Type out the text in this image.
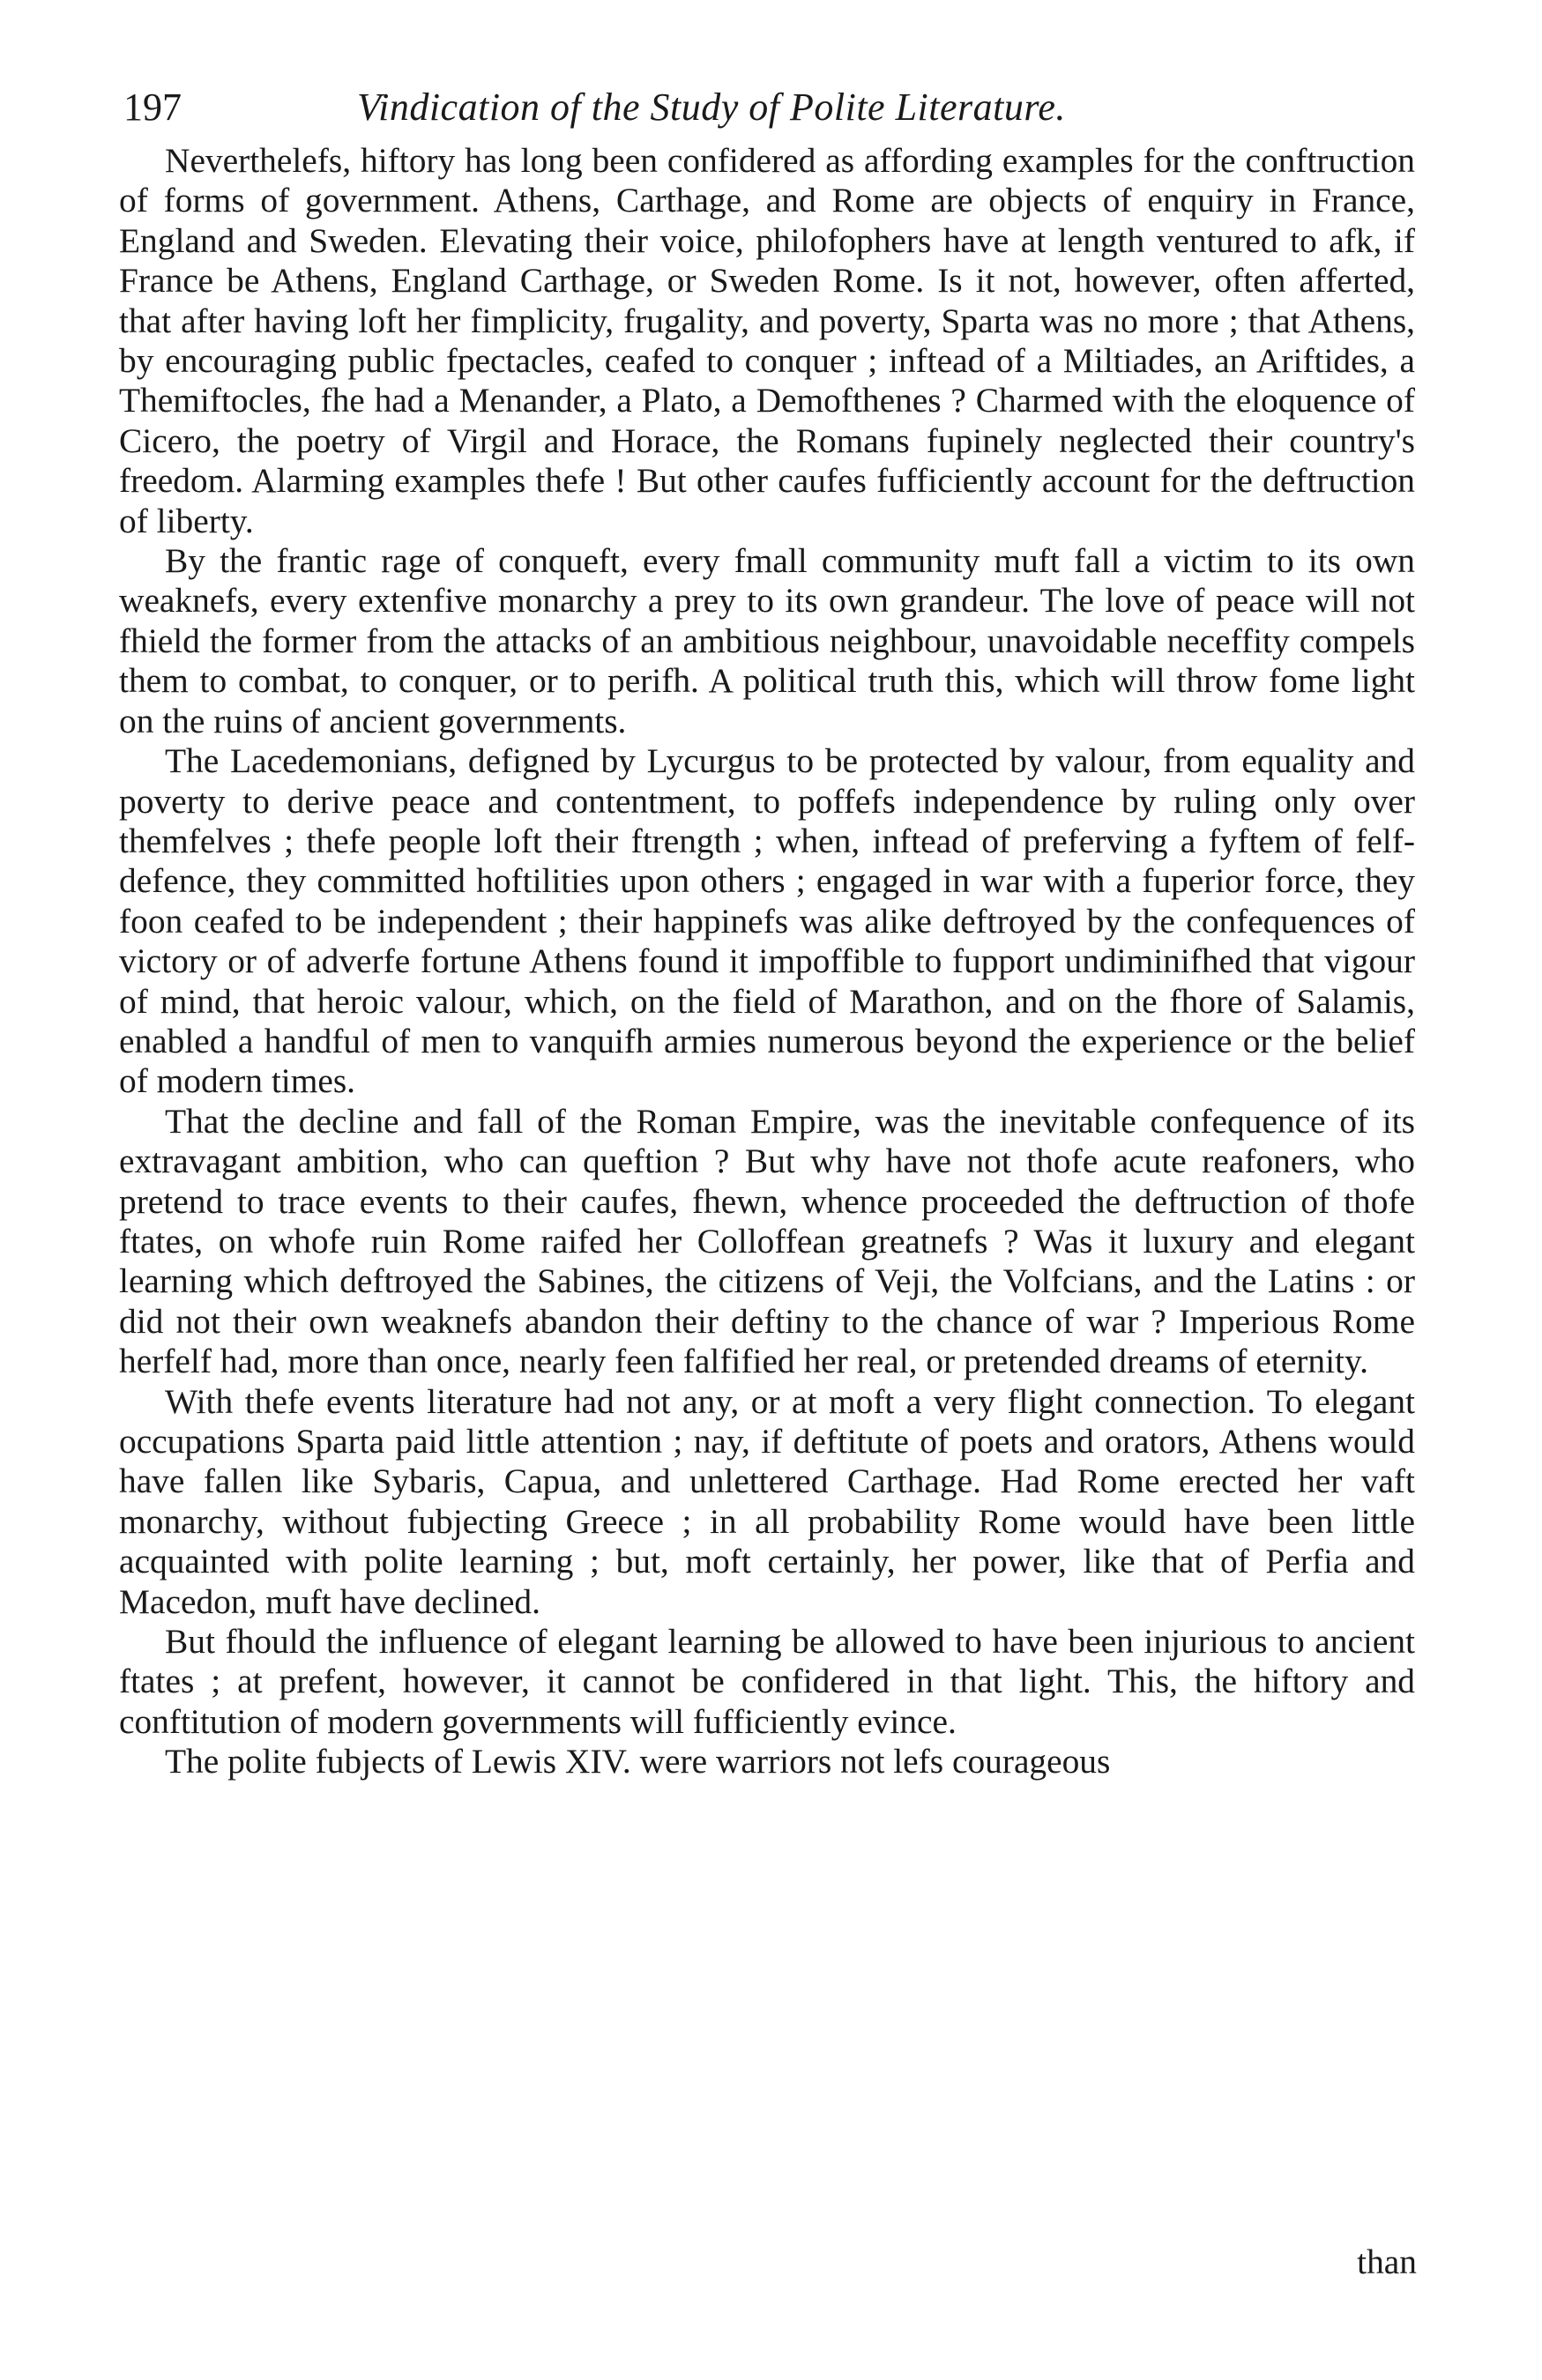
197	Vindication of the Study of Polite Literature.

Neverthelefs, hiftory has long been confidered as affording examples for the conftruction of forms of government. Athens, Carthage, and Rome are objects of enquiry in France, England and Sweden. Elevating their voice, philofophers have at length ventured to afk, if France be Athens, England Carthage, or Sweden Rome. Is it not, however, often afferted, that after having loft her fimplicity, frugality, and poverty, Sparta was no more ; that Athens, by encouraging public fpectacles, ceafed to conquer ; inftead of a Miltiades, an Ariftides, a Themiftocles, fhe had a Menander, a Plato, a Demofthenes ? Charmed with the eloquence of Cicero, the poetry of Virgil and Horace, the Romans fupinely neglected their country's freedom. Alarming examples thefe ! But other caufes fufficiently account for the deftruction of liberty.

By the frantic rage of conqueft, every fmall community muft fall a victim to its own weaknefs, every extenfive monarchy a prey to its own grandeur. The love of peace will not fhield the former from the attacks of an ambitious neighbour, unavoidable neceffity compels them to combat, to conquer, or to perifh. A political truth this, which will throw fome light on the ruins of ancient governments.

The Lacedemonians, defigned by Lycurgus to be protected by valour, from equality and poverty to derive peace and contentment, to poffefs independence by ruling only over themfelves ; thefe people loft their ftrength ; when, inftead of preferving a fyftem of felf-defence, they committed hoftilities upon others ; engaged in war with a fuperior force, they foon ceafed to be independent ; their happinefs was alike deftroyed by the confequences of victory or of adverfe fortune Athens found it impoffible to fupport undiminifhed that vigour of mind, that heroic valour, which, on the field of Marathon, and on the fhore of Salamis, enabled a handful of men to vanquifh armies numerous beyond the experience or the belief of modern times.

That the decline and fall of the Roman Empire, was the inevitable confequence of its extravagant ambition, who can queftion ? But why have not thofe acute reafoners, who pretend to trace events to their caufes, fhewn, whence proceeded the deftruction of thofe ftates, on whofe ruin Rome raifed her Colloffean greatnefs ? Was it luxury and elegant learning which deftroyed the Sabines, the citizens of Veji, the Volfcians, and the Latins : or did not their own weaknefs abandon their deftiny to the chance of war ? Imperious Rome herfelf had, more than once, nearly feen falfified her real, or pretended dreams of eternity.

With thefe events literature had not any, or at moft a very flight connection. To elegant occupations Sparta paid little attention ; nay, if deftitute of poets and orators, Athens would have fallen like Sybaris, Capua, and unlettered Carthage. Had Rome erected her vaft monarchy, without fubjecting Greece ; in all probability Rome would have been little acquainted with polite learning ; but, moft certainly, her power, like that of Perfia and Macedon, muft have declined.

But fhould the influence of elegant learning be allowed to have been injurious to ancient ftates ; at prefent, however, it cannot be confidered in that light. This, the hiftory and conftitution of modern governments will fufficiently evince.

The polite fubjects of Lewis XIV. were warriors not lefs courageous

than
